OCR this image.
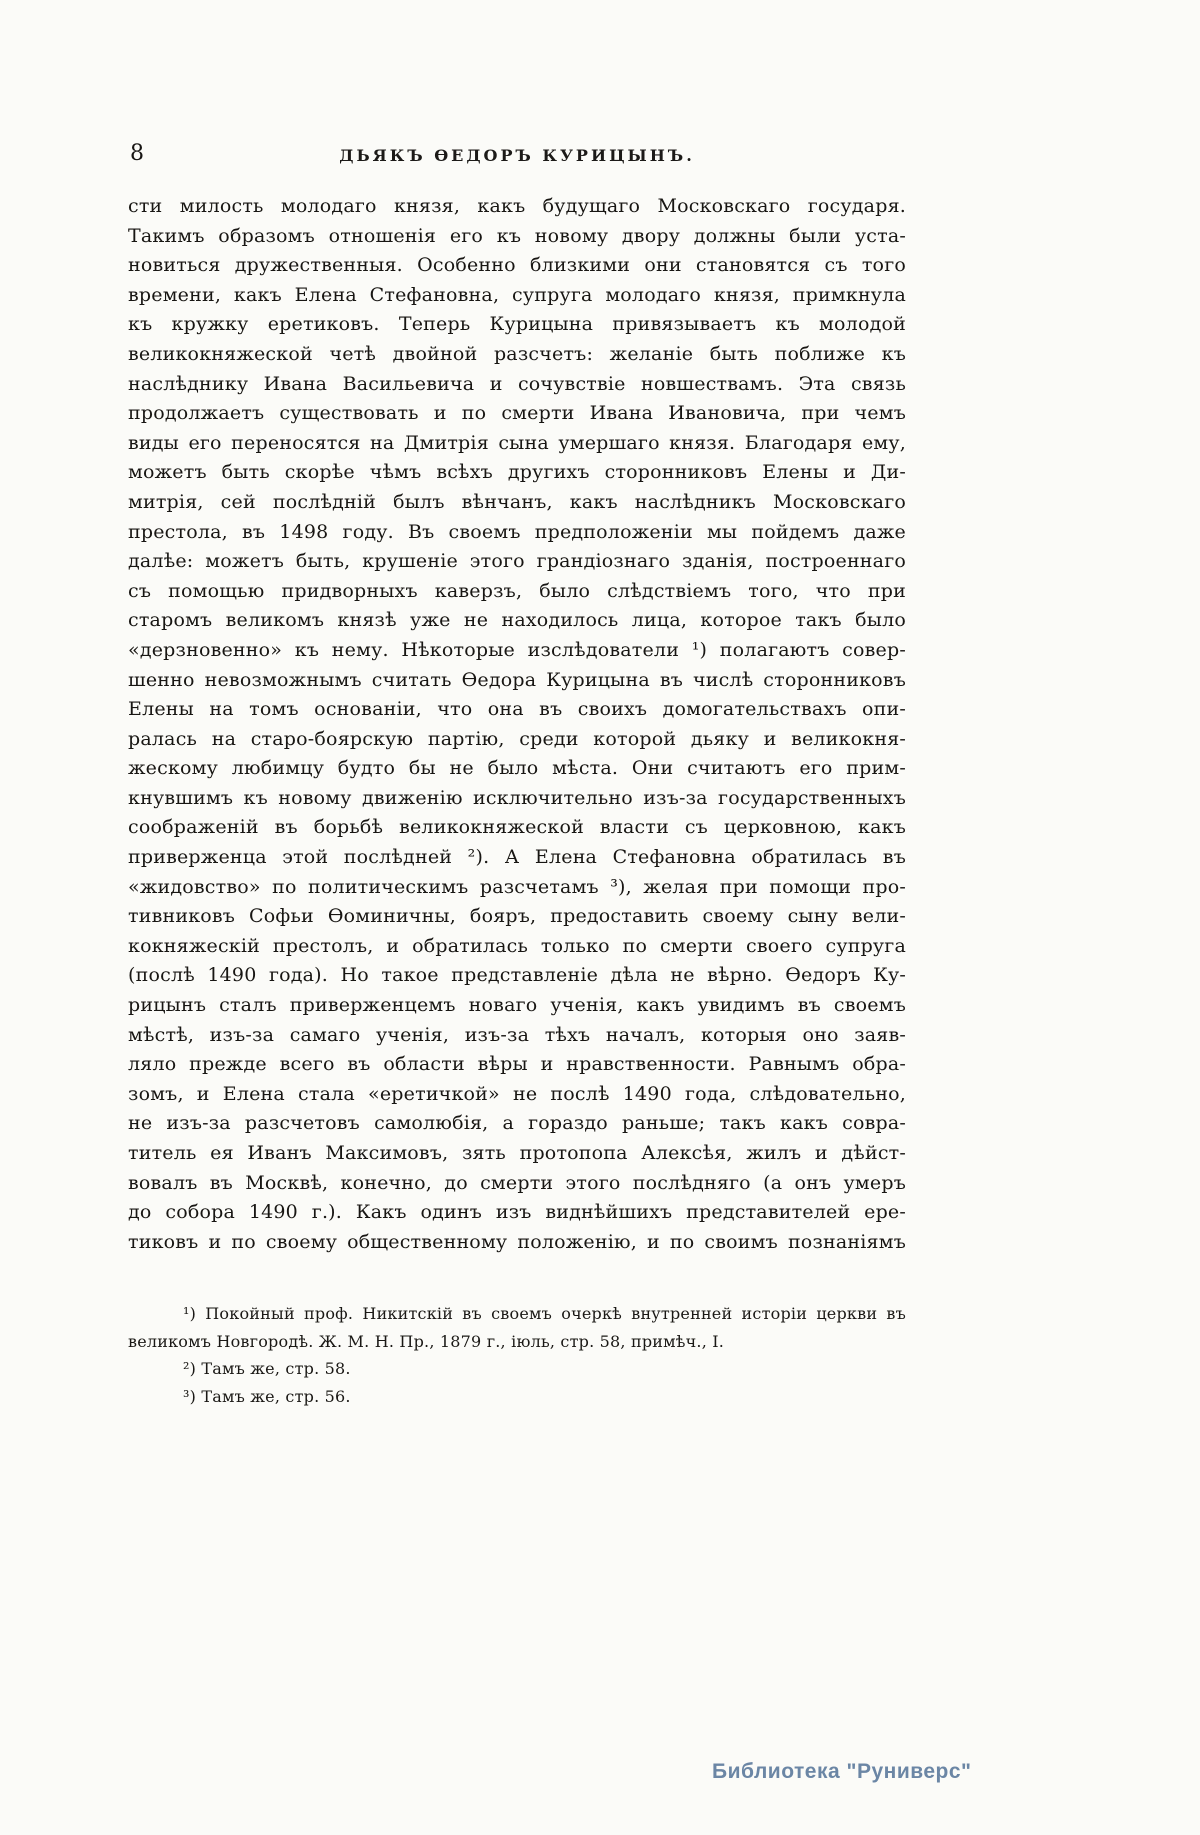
8	ДЬЯКЪ ѲЕДОРЪ КУРИЦЫНЪ.
сти милость молодаго князя, какъ будущаго Московскаго государя.
Такимъ образомъ отношенія его къ новому двору должны были уста-
новиться дружественныя. Особенно близкими они становятся съ того
времени, какъ Елена Стефановна, супруга молодаго князя, примкнула
къ кружку еретиковъ. Теперь Курицына привязываетъ къ молодой
великокняжеской четѣ двойной разсчетъ: желаніе быть поближе къ
наслѣднику Ивана Васильевича и сочувствіе новшествамъ. Эта связь
продолжаетъ существовать и по смерти Ивана Ивановича, при чемъ
виды его переносятся на Дмитрія сына умершаго князя. Благодаря ему,
можетъ быть скорѣе чѣмъ всѣхъ другихъ сторонниковъ Елены и Ди-
митрія, сей послѣдній былъ вѣнчанъ, какъ наслѣдникъ Московскаго
престола, въ 1498 году. Въ своемъ предположеніи мы пойдемъ даже
далѣе: можетъ быть, крушеніе этого грандіознаго зданія, построеннаго
съ помощью придворныхъ каверзъ, было слѣдствіемъ того, что при
старомъ великомъ князѣ уже не находилось лица, которое такъ было
«дерзновенно» къ нему. Нѣкоторые изслѣдователи ¹) полагаютъ совер-
шенно невозможнымъ считать Ѳедора Курицына въ числѣ сторонниковъ
Елены на томъ основаніи, что она въ своихъ домогательствахъ опи-
ралась на старо-боярскую партію, среди которой дьяку и великокня-
жескому любимцу будто бы не было мѣста. Они считаютъ его прим-
кнувшимъ къ новому движенію исключительно изъ-за государственныхъ
соображеній въ борьбѣ великокняжеской власти съ церковною, какъ
приверженца этой послѣдней ²). А Елена Стефановна обратилась въ
«жидовство» по политическимъ разсчетамъ ³), желая при помощи про-
тивниковъ Софьи Ѳоминичны, бояръ, предоставить своему сыну вели-
кокняжескій престолъ, и обратилась только по смерти своего супруга
(послѣ 1490 года). Но такое представленіе дѣла не вѣрно. Ѳедоръ Ку-
рицынъ сталъ приверженцемъ новаго ученія, какъ увидимъ въ своемъ
мѣстѣ, изъ-за самаго ученія, изъ-за тѣхъ началъ, которыя оно заяв-
ляло прежде всего въ области вѣры и нравственности. Равнымъ обра-
зомъ, и Елена стала «еретичкой» не послѣ 1490 года, слѣдовательно,
не изъ-за разсчетовъ самолюбія, а гораздо раньше; такъ какъ совра-
титель ея Иванъ Максимовъ, зять протопопа Алексѣя, жилъ и дѣйст-
вовалъ въ Москвѣ, конечно, до смерти этого послѣдняго (а онъ умеръ
до собора 1490 г.). Какъ одинъ изъ виднѣйшихъ представителей ере-
тиковъ и по своему общественному положенію, и по своимъ познаніямъ
¹) Покойный проф. Никитскій въ своемъ очеркѣ внутренней исторіи церкви въ
великомъ Новгородѣ. Ж. М. Н. Пр., 1879 г., іюль, стр. 58, примѣч., I.
²) Тамъ же, стр. 58.
³) Тамъ же, стр. 56.
Библиотека "Руниверс"
